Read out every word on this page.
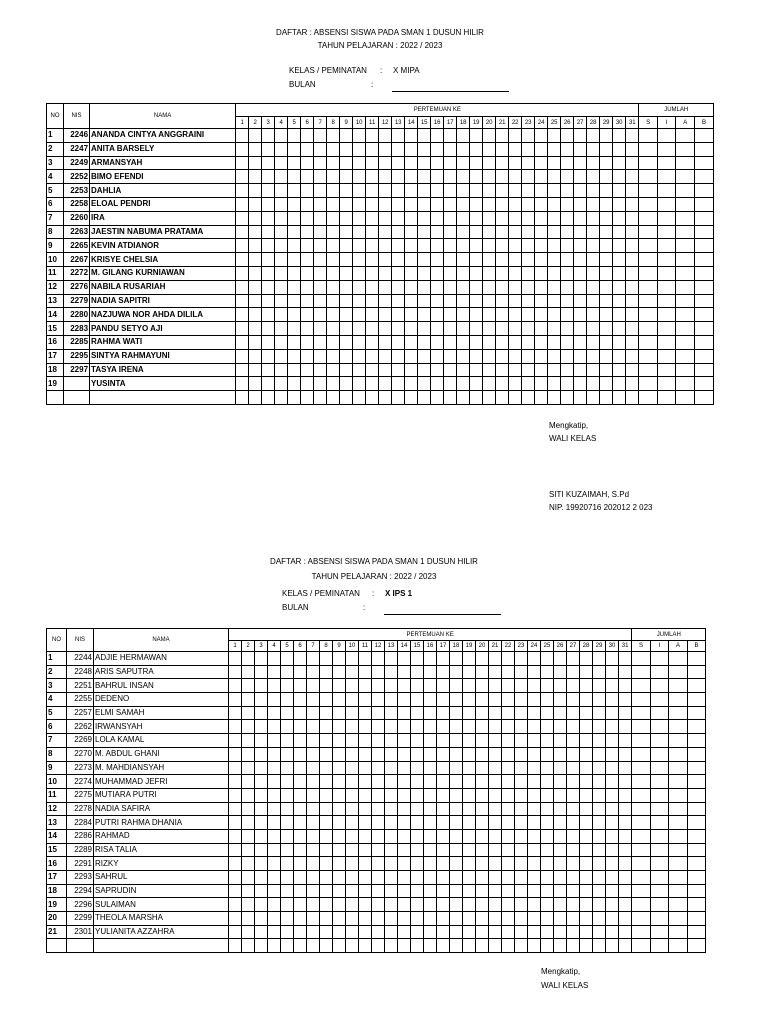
DAFTAR : ABSENSI SISWA PADA SMAN 1 DUSUN HILIR
TAHUN PELAJARAN : 2022 / 2023
KELAS / PEMINATAN : X MIPA
BULAN	:
NO	NIS	NAMA	PERTEMUAN KE																															JUMLAH			
			1	2	3	4	5	6	7	8	9	10	11	12	13	14	15	16	17	18	19	20	21	22	23	24	25	26	27	28	29	30	31	S	I	A	B
1	2246	ANANDA CINTYA ANGGRAINI																																			
2	2247	ANITA BARSELY																																			
3	2249	ARMANSYAH																																			
4	2252	BIMO EFENDI																																			
5	2253	DAHLIA																																			
6	2258	ELOAL PENDRI																																			
7	2260	IRA																																			
8	2263	JAESTIN NABUMA PRATAMA																																			
9	2265	KEVIN ATDIANOR																																			
10	2267	KRISYE CHELSIA																																			
11	2272	M. GILANG KURNIAWAN																																			
12	2276	NABILA RUSARIAH																																			
13	2279	NADIA SAPITRI																																			
14	2280	NAZJUWA NOR AHDA DILILA																																			
15	2283	PANDU SETYO AJI																																			
16	2285	RAHMA WATI																																			
17	2295	SINTYA RAHMAYUNI																																			
18	2297	TASYA IRENA																																			
19		YUSINTA																																			

Mengkatip,
WALI KELAS
SITI KUZAIMAH, S.Pd
NIP. 19920716 202012 2 023
DAFTAR : ABSENSI SISWA PADA SMAN 1 DUSUN HILIR
TAHUN PELAJARAN : 2022 / 2023
KELAS / PEMINATAN : X IPS 1
BULAN	:
NO	NIS	NAMA	PERTEMUAN KE																															JUMLAH			
			1	2	3	4	5	6	7	8	9	10	11	12	13	14	15	16	17	18	19	20	21	22	23	24	25	26	27	28	29	30	31	S	I	A	B
1	2244	ADJIE HERMAWAN																																			
2	2248	ARIS SAPUTRA																																			
3	2251	BAHRUL INSAN																																			
4	2255	DEDENO																																			
5	2257	ELMI SAMAH																																			
6	2262	IRWANSYAH																																			
7	2269	LOLA KAMAL																																			
8	2270	M. ABDUL GHANI																																			
9	2273	M. MAHDIANSYAH																																			
10	2274	MUHAMMAD JEFRI																																			
11	2275	MUTIARA PUTRI																																			
12	2278	NADIA SAFIRA																																			
13	2284	PUTRI RAHMA DHANIA																																			
14	2286	RAHMAD																																			
15	2289	RISA TALIA																																			
16	2291	RIZKY																																			
17	2293	SAHRUL																																			
18	2294	SAPRUDIN																																			
19	2296	SULAIMAN																																			
20	2299	THEOLA MARSHA																																			
21	2301	YULIANITA AZZAHRA																																			

Mengkatip,
WALI KELAS
